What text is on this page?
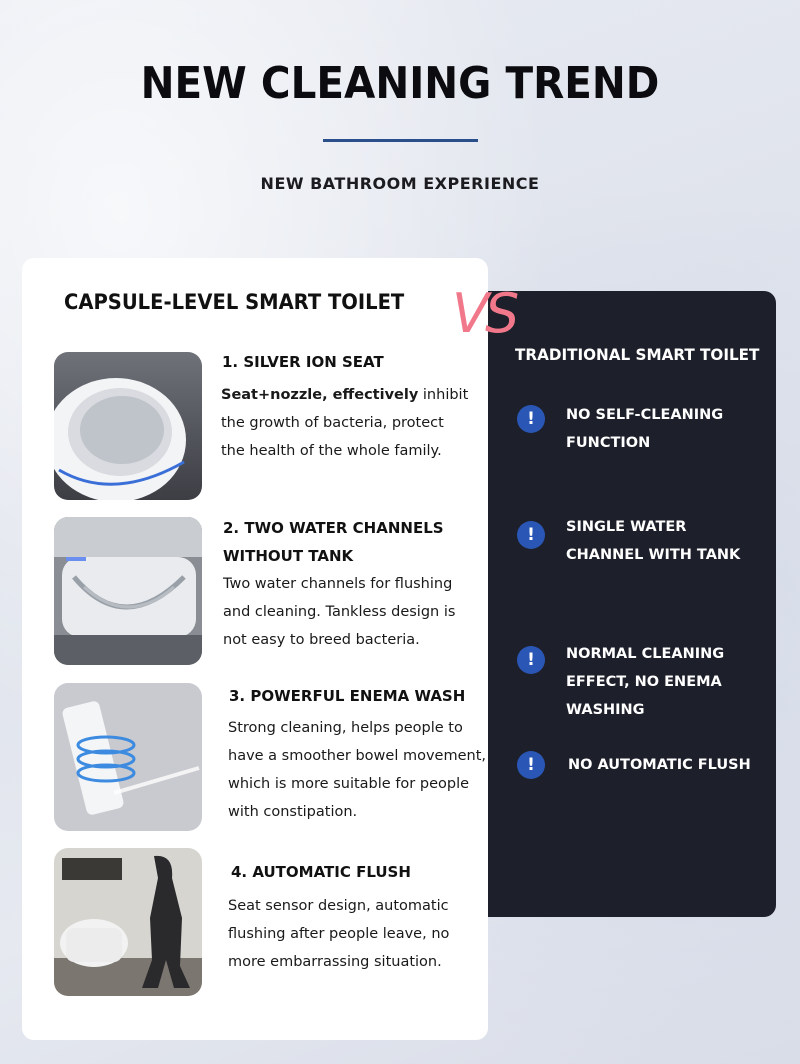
NEW CLEANING TREND
NEW BATHROOM EXPERIENCE
VS
CAPSULE-LEVEL SMART TOILET
TRADITIONAL SMART TOILET
1. SILVER ION SEAT
Seat+nozzle, effectively inhibit the growth of bacteria, protect the health of the whole family.
2. TWO WATER CHANNELS WITHOUT TANK
Two water channels for flushing and cleaning. Tankless design is not easy to breed bacteria.
3. POWERFUL ENEMA WASH
Strong cleaning, helps people to have a smoother bowel movement, which is more suitable for people with constipation.
4. AUTOMATIC FLUSH
Seat sensor design, automatic flushing after people leave, no more embarrassing situation.
!	NO SELF-CLEANING FUNCTION
!	SINGLE WATER CHANNEL WITH TANK
!	NORMAL CLEANING EFFECT, NO ENEMA WASHING
!	NO AUTOMATIC FLUSH
